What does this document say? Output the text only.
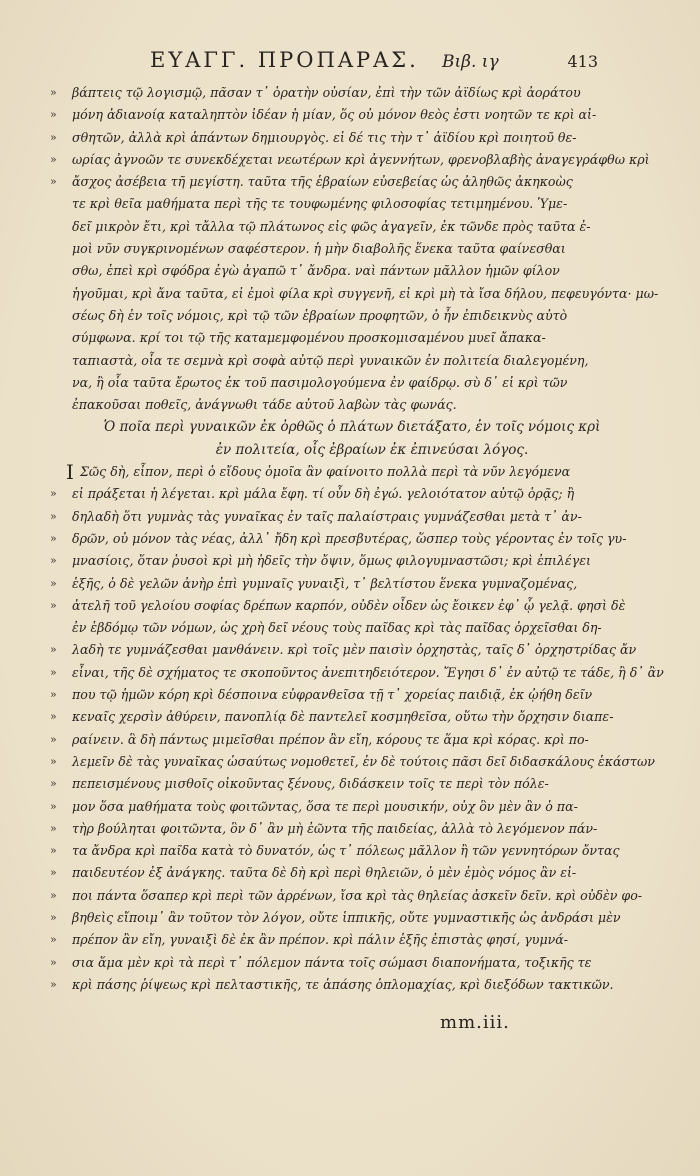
ΕΥΑΓΓ. ΠΡΟΠΑΡΑΣ. Βιβ. ιγ	413
» βάπτεις τῷ λογισμῷ, πᾶσαν τ᾽ ὁρατὴν οὐσίαν, ἐπὶ τὴν τῶν ἀϊδίως κρὶ ἀοράτου
» μόνη ἀδιανοίᾳ καταληπτὸν ἰδέαν ἡ μίαν, ὅς οὐ μόνον θεὸς ἐστι νοητῶν τε κρὶ αἰ-
» σθητῶν, ἀλλὰ κρὶ ἁπάντων δημιουργὸς. εἰ δέ τις τὴν τ᾽ ἀϊδίου κρὶ ποιητοῦ θε-
» ωρίας ἀγνοῶν τε συνεκδέχεται νεωτέρων κρὶ ἀγεννήτων, φρενοβλαβὴς ἀναγεγράφθω κρὶ
» ἄσχος ἀσέβεια τῆ μεγίστη. ταῦτα τῆς ἑβραίων εὐσεβείας ὡς ἀληθῶς ἀκηκοὼς
τε κρὶ θεῖα μαθήματα περὶ τῆς τε τουφωμένης φιλοσοφίας τετιμημένου. Ὑμε-
δεῖ μικρὸν ἔτι, κρὶ τἄλλα τῷ πλάτωνος εἰς φῶς ἀγαγεῖν, ἐκ τῶνδε πρὸς ταῦτα ἐ-
μοὶ νῦν συγκρινομένων σαφέστερον. ἡ μὴν διαβολῆς ἕνεκα ταῦτα φαίνεσθαι
σθω, ἐπεὶ κρὶ σφόδρα ἐγὼ ἀγαπῶ τ᾽ ἄνδρα. ναὶ πάντων μᾶλλον ἡμῶν φίλον
ἡγοῦμαι, κρὶ ἄνα ταῦτα, εἰ ἐμοὶ φίλα κρὶ συγγενῆ, εἰ κρὶ μὴ τὰ ἴσα δήλου, πεφευγόντα· μω-
σέως δὴ ἐν τοῖς νόμοις, κρὶ τῷ τῶν ἑβραίων προφητῶν, ὁ ἦν ἐπιδεικνὺς αὐτὸ
σύμφωνα. κρί τοι τῷ τῆς καταμεμφομένου προσκομισαμένου μυεῖ ἄπακα-
ταπιαστὰ, οἷα τε σεμνὰ κρὶ σοφὰ αὐτῷ περὶ γυναικῶν ἐν πολιτεία διαλεγομένη,
να, ἢ οἷα ταῦτα ἔρωτος ἐκ τοῦ πασιμολογούμενα ἐν φαίδρῳ. σὺ δ᾽ εἰ κρὶ τῶν
ἐπακοῦσαι ποθεῖς, ἀνάγνωθι τάδε αὐτοῦ λαβὼν τὰς φωνάς.
Ὁ ποῖα περὶ γυναικῶν ἐκ ὀρθῶς ὁ πλάτων διετάξατο, ἐν τοῖς νόμοις κρὶ
ἐν πολιτεία, οἷς ἑβραίων ἐκ ἐπινεύσαι λόγος.
Ι Σῶς δὴ, εἶπον, περὶ ὁ εἴδους ὁμοῖα ἂν φαίνοιτο πολλὰ περὶ τὰ νῦν λεγόμενα
» εἰ πράξεται ἡ λέγεται. κρὶ μάλα ἔφη. τί οὖν δὴ ἐγώ. γελοιότατον αὐτῷ ὁρᾷς; ἢ
» δηλαδὴ ὅτι γυμνὰς τὰς γυναῖκας ἐν ταῖς παλαίστραις γυμνάζεσθαι μετὰ τ᾽ ἀν-
» δρῶν, οὐ μόνον τὰς νέας, ἀλλ᾽ ἤδη κρὶ πρεσβυτέρας, ὥσπερ τοὺς γέροντας ἐν τοῖς γυ-
» μνασίοις, ὅταν ῥυσοὶ κρὶ μὴ ἡδεῖς τὴν ὄψιν, ὅμως φιλογυμναστῶσι; κρὶ ἐπιλέγει
» ἑξῆς, ὁ δὲ γελῶν ἀνὴρ ἐπὶ γυμναῖς γυναιξὶ, τ᾽ βελτίστου ἕνεκα γυμναζομένας,
» ἀτελῆ τοῦ γελοίου σοφίας δρέπων καρπόν, οὐδὲν οἶδεν ὡς ἔοικεν ἐφ᾽ ᾧ γελᾷ. φησὶ δὲ
ἐν ἑβδόμῳ τῶν νόμων, ὡς χρὴ δεῖ νέους τοὺς παῖδας κρὶ τὰς παῖδας ὀρχεῖσθαι δη-
» λαδὴ τε γυμνάζεσθαι μανθάνειν. κρὶ τοῖς μὲν παισὶν ὀρχηστὰς, ταῖς δ᾽ ὀρχηστρίδας ἄν
» εἶναι, τῆς δὲ σχήματος τε σκοποῦντος ἀνεπιτηδειότερον. Ἔγησι δ᾽ ἐν αὐτῷ τε τάδε, ἢ δ᾽ ἂν
» που τῷ ἡμῶν κόρη κρὶ δέσποινα εὐφρανθεῖσα τῇ τ᾽ χορείας παιδιᾷ, ἐκ ᾠήθη δεῖν
» κεναῖς χερσὶν ἀθύρειν, πανοπλίᾳ δὲ παντελεῖ κοσμηθεῖσα, οὕτω τὴν ὄρχησιν διαπε-
» ραίνειν. ἃ δὴ πάντως μιμεῖσθαι πρέπον ἂν εἴη, κόρους τε ἅμα κρὶ κόρας. κρὶ πο-
» λεμεῖν δὲ τὰς γυναῖκας ὡσαύτως νομοθετεῖ, ἐν δὲ τούτοις πᾶσι δεῖ διδασκάλους ἑκάστων
» πεπεισμένους μισθοῖς οἰκοῦντας ξένους, διδάσκειν τοῖς τε περὶ τὸν πόλε-
» μον ὅσα μαθήματα τοὺς φοιτῶντας, ὅσα τε περὶ μουσικήν, οὐχ ὃν μὲν ἂν ὁ πα-
» τὴρ βούληται φοιτῶντα, ὃν δ᾽ ἂν μὴ ἐῶντα τῆς παιδείας, ἀλλὰ τὸ λεγόμενον πάν-
» τα ἄνδρα κρὶ παῖδα κατὰ τὸ δυνατόν, ὡς τ᾽ πόλεως μᾶλλον ἢ τῶν γεννητόρων ὄντας
» παιδευτέον ἐξ ἀνάγκης. ταῦτα δὲ δὴ κρὶ περὶ θηλειῶν, ὁ μὲν ἐμὸς νόμος ἂν εἰ-
» ποι πάντα ὅσαπερ κρὶ περὶ τῶν ἀρρένων, ἴσα κρὶ τὰς θηλείας ἀσκεῖν δεῖν. κρὶ οὐδὲν φο-
» βηθεὶς εἴποιμ᾽ ἂν τοῦτον τὸν λόγον, οὔτε ἱππικῆς, οὔτε γυμναστικῆς ὡς ἀνδράσι μὲν
» πρέπον ἂν εἴη, γυναιξὶ δὲ ἐκ ἂν πρέπον. κρὶ πάλιν ἑξῆς ἐπιστὰς φησί, γυμνά-
» σια ἅμα μὲν κρὶ τὰ περὶ τ᾽ πόλεμον πάντα τοῖς σώμασι διαπονήματα, τοξικῆς τε
» κρὶ πάσης ῥίψεως κρὶ πελταστικῆς, τε ἁπάσης ὁπλομαχίας, κρὶ διεξόδων τακτικῶν.
mm.iii.
